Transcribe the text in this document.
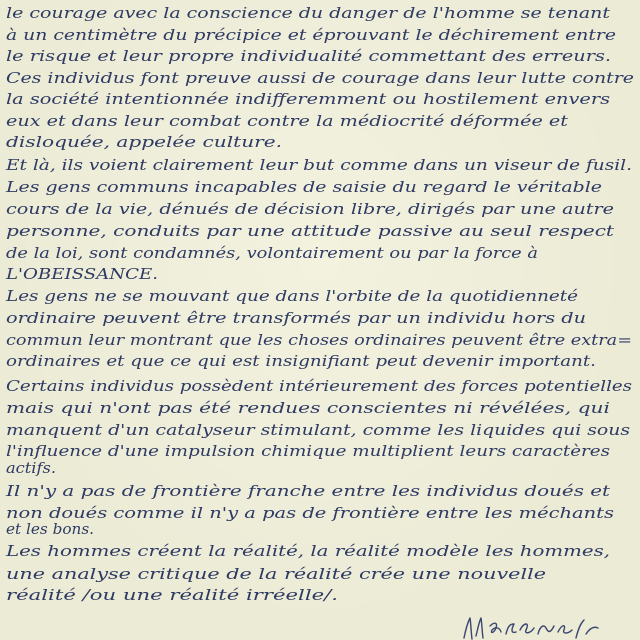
le courage avec la conscience du danger de l'homme se tenant
à un centimètre du précipice et éprouvant le déchirement entre
le risque et leur propre individualité commettant des erreurs.
Ces individus font preuve aussi de courage dans leur lutte contre
la société intentionnée indifferemment ou hostilement envers
eux et dans leur combat contre la médiocrité déformée et
disloquée, appelée culture.
Et là, ils voient clairement leur but comme dans un viseur de fusil.
Les gens communs incapables de saisie du regard le véritable
cours de la vie, dénués de décision libre, dirigés par une autre
personne, conduits par une attitude passive au seul respect
de la loi, sont condamnés, volontairement ou par la force à
L'OBEISSANCE.
Les gens ne se mouvant que dans l'orbite de la quotidienneté
ordinaire peuvent être transformés par un individu hors du
commun leur montrant que les choses ordinaires peuvent être extra=
ordinaires et que ce qui est insignifiant peut devenir important.
Certains individus possèdent intérieurement des forces potentielles
mais qui n'ont pas été rendues conscientes ni révélées, qui
manquent d'un catalyseur stimulant, comme les liquides qui sous
l'influence d'une impulsion chimique multiplient leurs caractères
actifs.
Il n'y a pas de frontière franche entre les individus doués et
non doués comme il n'y a pas de frontière entre les méchants
et les bons.
Les hommes créent la réalité, la réalité modèle les hommes,
une analyse critique de la réalité crée une nouvelle
réalité /ou une réalité irréelle/.
